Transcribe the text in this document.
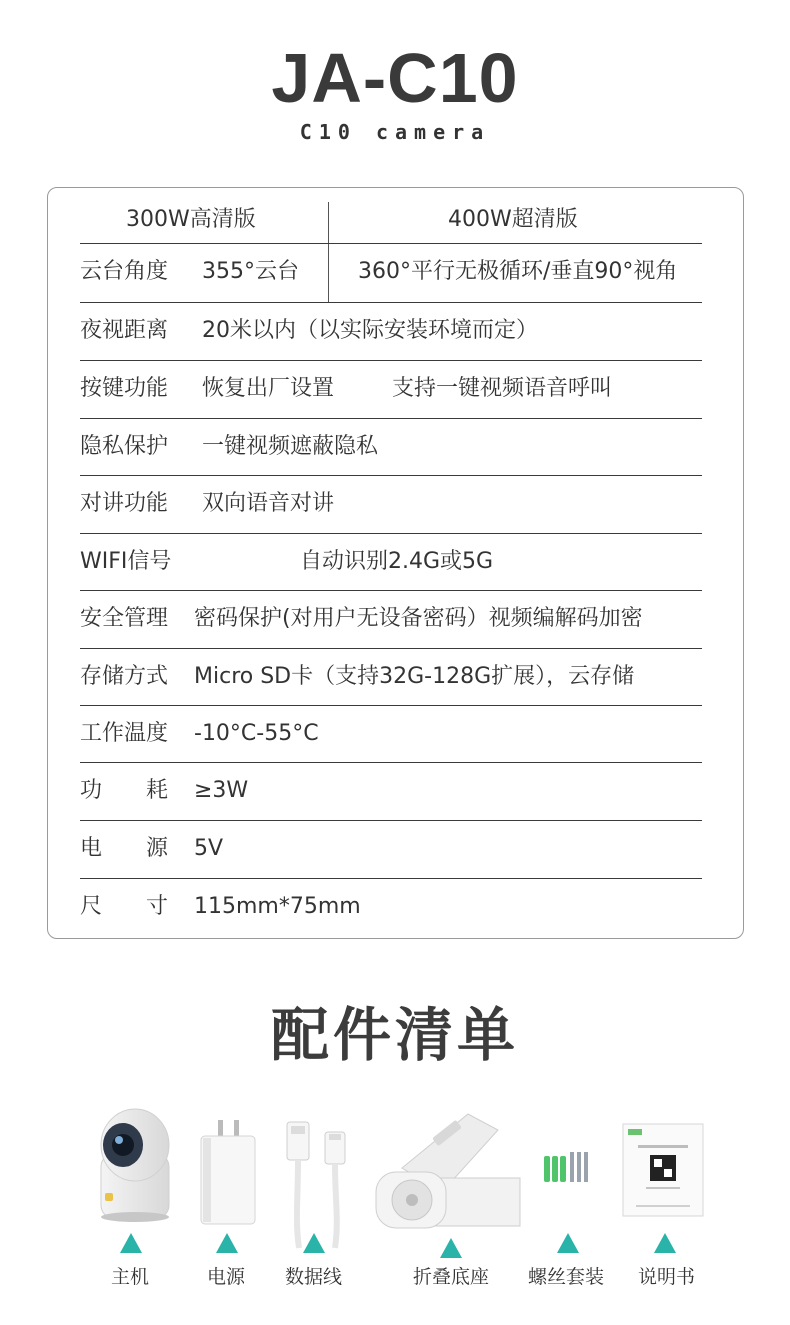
JA-C10
C10 camera
300W高清版	400W超清版
云台角度 355°云台	360°平行无极循环/垂直90°视角
夜视距离 20米以内（以实际安装环境而定）
按键功能 恢复出厂设置	支持一键视频语音呼叫
隐私保护 一键视频遮蔽隐私
对讲功能 双向语音对讲
WIFI信号	自动识别2.4G或5G
安全管理 密码保护(对用户无设备密码）视频编解码加密
存储方式 Micro SD卡（支持32G-128G扩展），云存储
工作温度 -10°C-55°C
功　　耗 ≥3W
电　　源 5V
尺　　寸 115mm*75mm
配件清单
主机	电源 数据线	折叠底座 螺丝套装 说明书
